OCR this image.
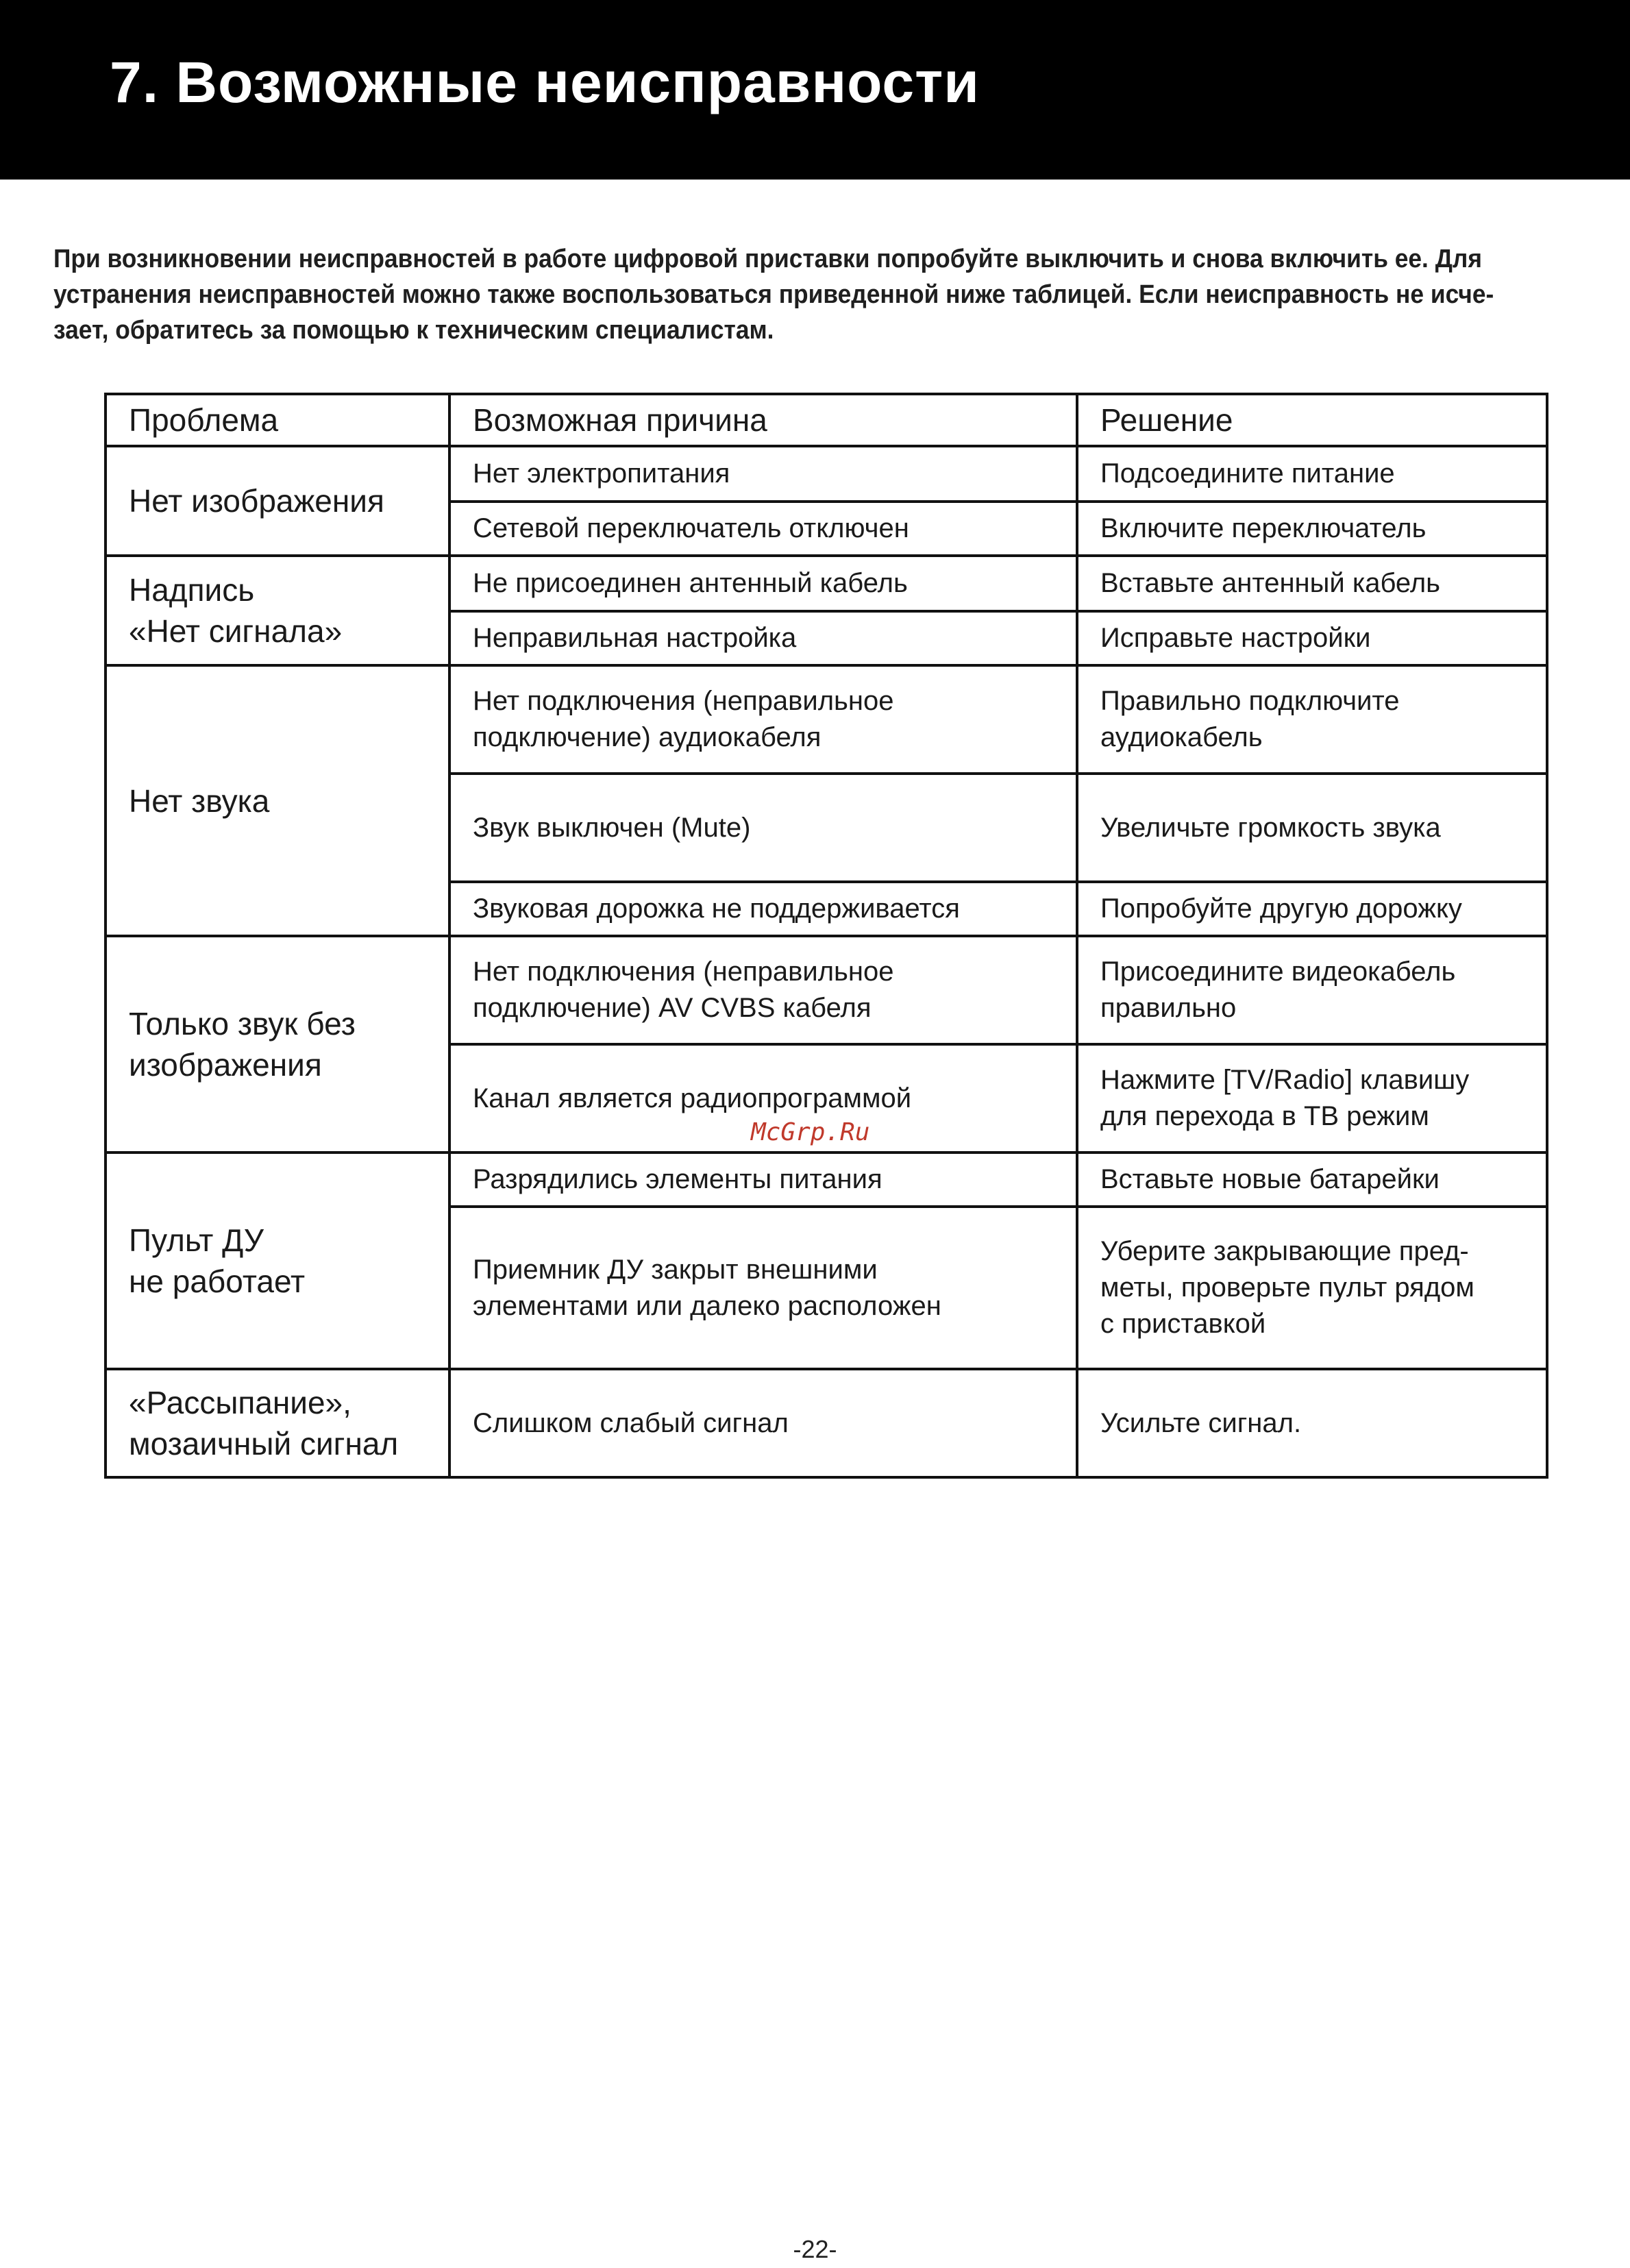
7. Возможные неисправности
При возникновении неисправностей в работе цифровой приставки попробуйте выключить и снова включить ее. Для
устранения неисправностей можно также воспользоваться приведенной ниже таблицей. Если неисправность не исче-
зает, обратитесь за помощью к техническим специалистам.
Проблема	Возможная причина	Решение

Нет изображения	Нет электропитания	Подсоедините питание

	Сетевой переключатель отключен	Включите переключатель

Надпись
«Нет сигнала»	Не присоединен антенный кабель	Вставьте антенный кабель

	Неправильная настройка	Исправьте настройки

Нет звука	Нет подключения (неправильное
подключение) аудиокабеля	Правильно подключите
аудиокабель

	Звук выключен (Mute)	Увеличьте громкость звука

	Звуковая дорожка не поддерживается	Попробуйте другую дорожку

Только звук без
изображения	Нет подключения (неправильное
подключение) AV CVBS кабеля	Присоедините видеокабель
правильно

	Канал является радиопрограммой	Нажмите [TV/Radio] клавишу
для перехода в ТВ режим

Пульт ДУ
не работает	Разрядились элементы питания	Вставьте новые батарейки

	Приемник ДУ закрыт внешними
элементами или далеко расположен	Уберите закрывающие пред-
меты, проверьте пульт рядом
с приставкой

«Рассыпание»,
мозаичный сигнал	Слишком слабый сигнал	Усильте сигнал.
McGrp.Ru
-22-
